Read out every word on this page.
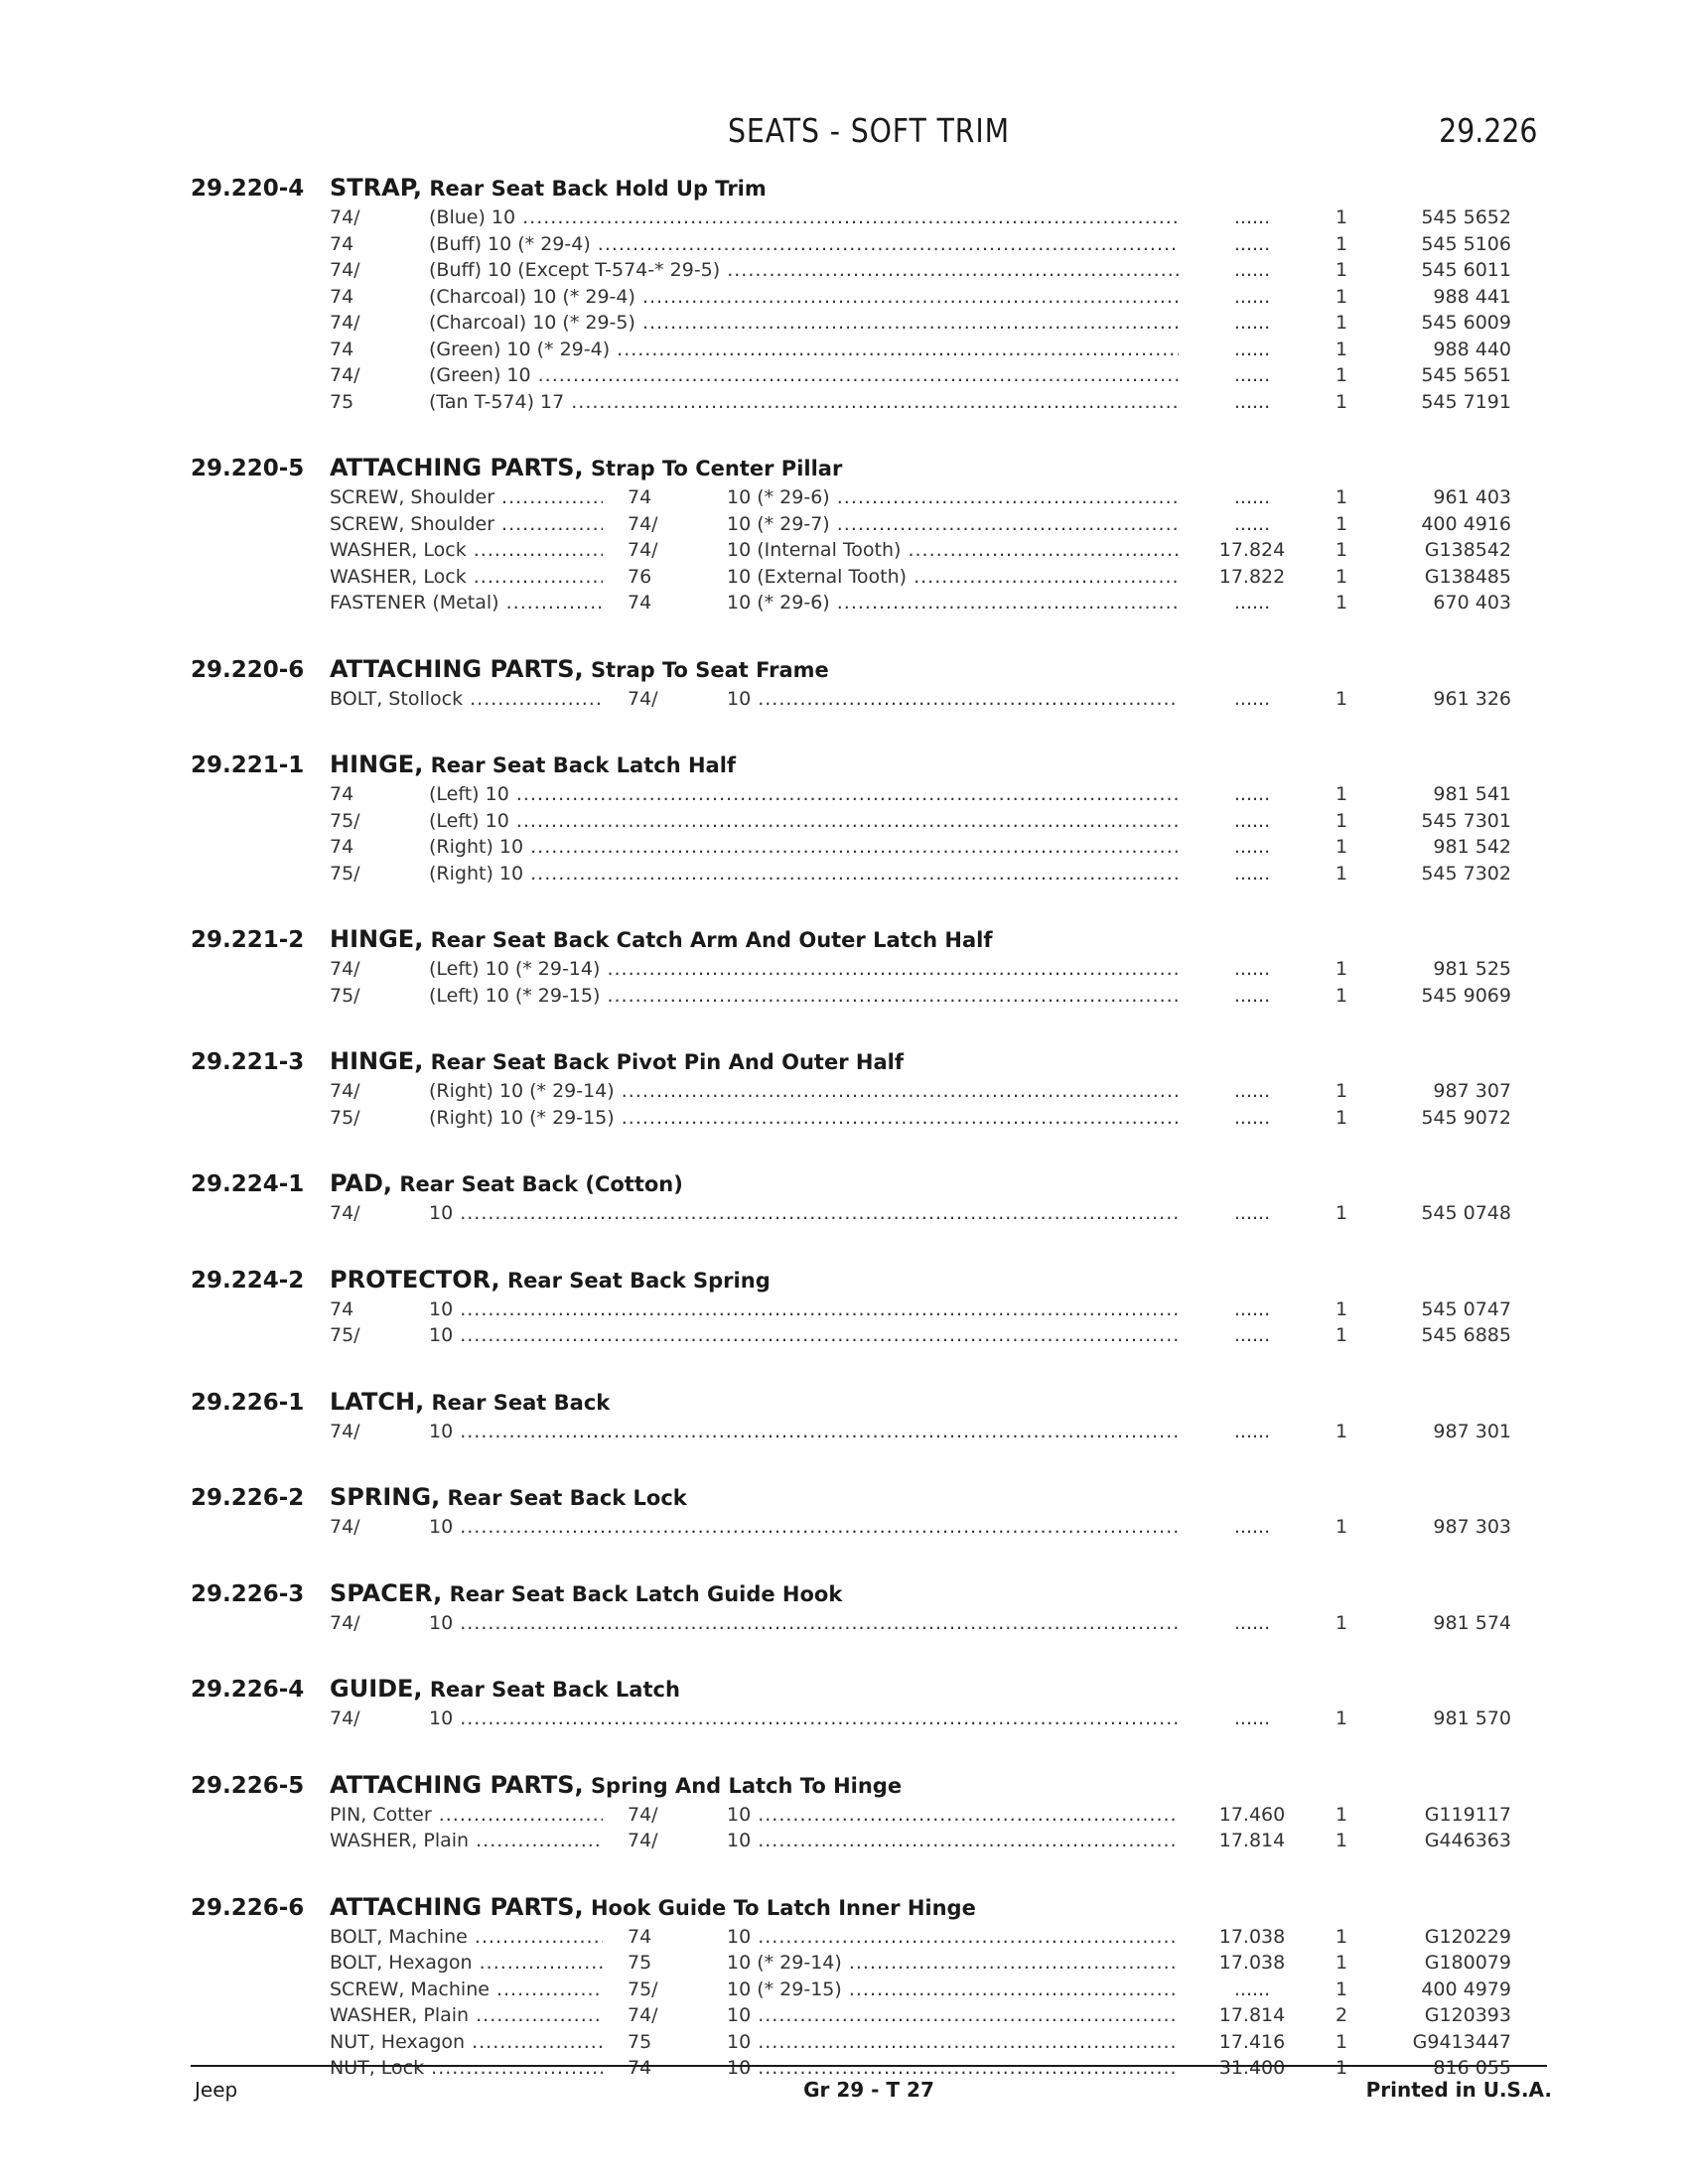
SEATS - SOFT TRIM	29.226
29.220-4 STRAP, Rear Seat Back Hold Up Trim
74/	(Blue) 10 .....	......	1	545 5652
74	(Buff) 10 (* 29-4) .....	......	1	545 5106
74/	(Buff) 10 (Except T-574-* 29-5) .....	......	1	545 6011
74	(Charcoal) 10 (* 29-4) .....	......	1	988 441
74/	(Charcoal) 10 (* 29-5) .....	......	1	545 6009
74	(Green) 10 (* 29-4) .....	......	1	988 440
74/	(Green) 10 .....	......	1	545 5651
75	(Tan T-574) 17 .....	......	1	545 7191
29.220-5 ATTACHING PARTS, Strap To Center Pillar
SCREW, Shoulder .....	74	10 (* 29-6) .....	......	1	961 403
SCREW, Shoulder .....	74/	10 (* 29-7) .....	......	1	400 4916
WASHER, Lock .....	74/	10 (Internal Tooth) .....	17.824	1	G138542
WASHER, Lock .....	76	10 (External Tooth) .....	17.822	1	G138485
FASTENER (Metal) .....	74	10 (* 29-6) .....	......	1	670 403
29.220-6 ATTACHING PARTS, Strap To Seat Frame
BOLT, Stollock .....	74/	10 .....	......	1	961 326
29.221-1 HINGE, Rear Seat Back Latch Half
74	(Left) 10 .....	......	1	981 541
75/	(Left) 10 .....	......	1	545 7301
74	(Right) 10 .....	......	1	981 542
75/	(Right) 10 .....	......	1	545 7302
29.221-2 HINGE, Rear Seat Back Catch Arm And Outer Latch Half
74/	(Left) 10 (* 29-14) .....	......	1	981 525
75/	(Left) 10 (* 29-15) .....	......	1	545 9069
29.221-3 HINGE, Rear Seat Back Pivot Pin And Outer Half
74/	(Right) 10 (* 29-14) .....	......	1	987 307
75/	(Right) 10 (* 29-15) .....	......	1	545 9072
29.224-1 PAD, Rear Seat Back (Cotton)
74/	10 .....	......	1	545 0748
29.224-2 PROTECTOR, Rear Seat Back Spring
74	10 .....	......	1	545 0747
75/	10 .....	......	1	545 6885
29.226-1 LATCH, Rear Seat Back
74/	10 .....	......	1	987 301
29.226-2 SPRING, Rear Seat Back Lock
74/	10 .....	......	1	987 303
29.226-3 SPACER, Rear Seat Back Latch Guide Hook
74/	10 .....	......	1	981 574
29.226-4 GUIDE, Rear Seat Back Latch
74/	10 .....	......	1	981 570
29.226-5 ATTACHING PARTS, Spring And Latch To Hinge
PIN, Cotter .....	74/	10 .....	17.460	1	G119117
WASHER, Plain .....	74/	10 .....	17.814	1	G446363
29.226-6 ATTACHING PARTS, Hook Guide To Latch Inner Hinge
BOLT, Machine .....	74	10 .....	17.038	1	G120229
BOLT, Hexagon .....	75	10 (* 29-14) .....	17.038	1	G180079
SCREW, Machine .....	75/	10 (* 29-15) .....	......	1	400 4979
WASHER, Plain .....	74/	10 .....	17.814	2	G120393
NUT, Hexagon .....	75	10 .....	17.416	1	G9413447
NUT, Lock .....	74	10 .....	31.400	1	816 055
Jeep	Gr 29 - T 27	Printed in U.S.A.
